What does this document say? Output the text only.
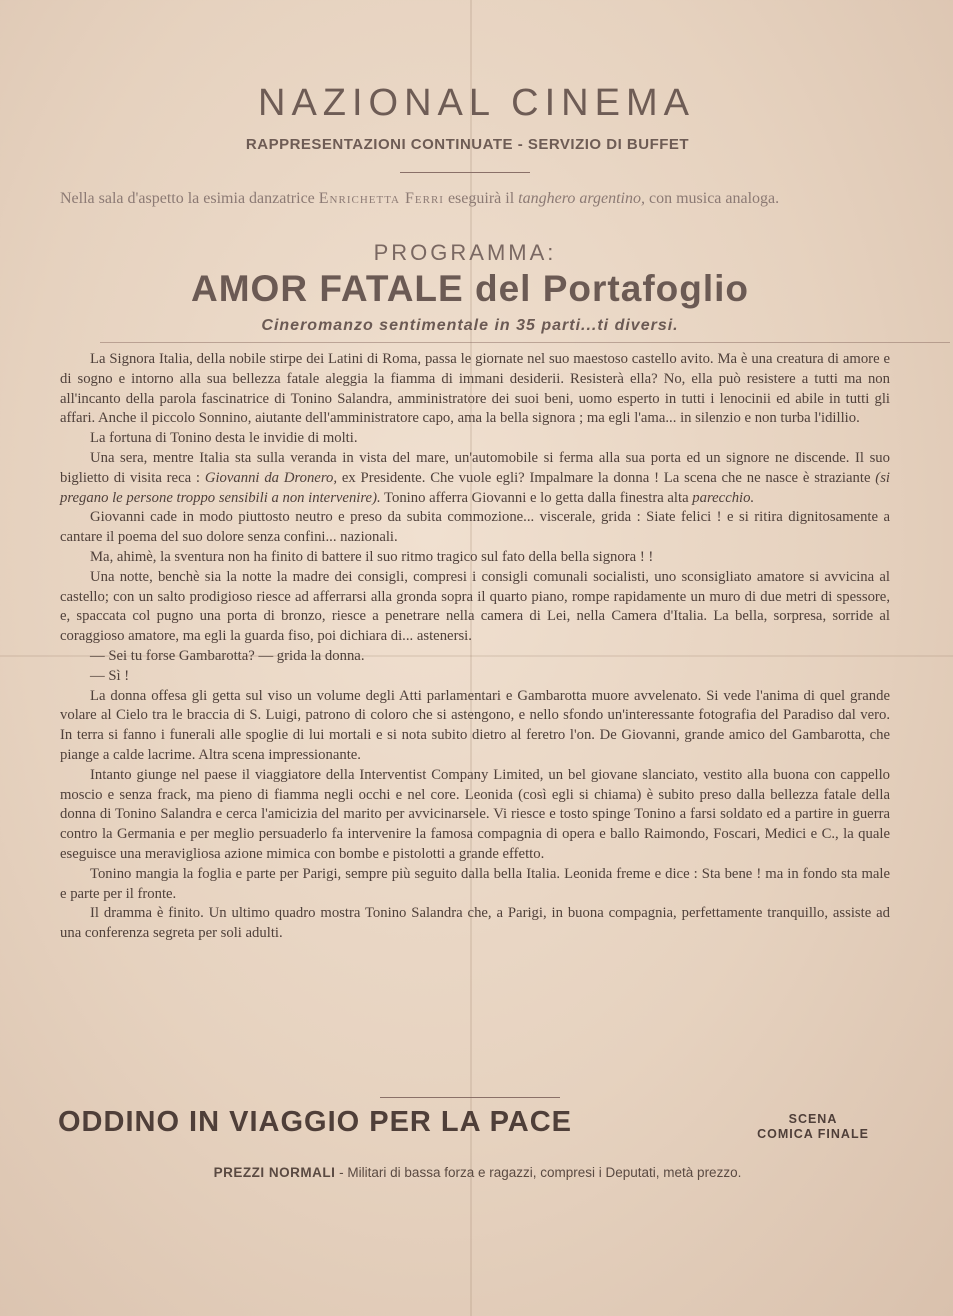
NAZIONAL CINEMA
RAPPRESENTAZIONI CONTINUATE - SERVIZIO DI BUFFET
Nella sala d'aspetto la esimia danzatrice Enrichetta Ferri eseguirà il tanghero argentino, con musica analoga.
PROGRAMMA:
AMOR FATALE del Portafoglio
Cineromanzo sentimentale in 35 parti...ti diversi.

La Signora Italia, della nobile stirpe dei Latini di Roma, passa le giornate nel suo maestoso castello avito. Ma è una creatura di amore e di sogno e intorno alla sua bellezza fatale aleggia la fiamma di immani desiderii. Resisterà ella? No, ella può resistere a tutti ma non all'incanto della parola fascinatrice di Tonino Salandra, amministratore dei suoi beni, uomo esperto in tutti i lenocinii ed abile in tutti gli affari. Anche il piccolo Sonnino, aiutante dell'amministratore capo, ama la bella signora ; ma egli l'ama... in silenzio e non turba l'idillio.

La fortuna di Tonino desta le invidie di molti.

Una sera, mentre Italia sta sulla veranda in vista del mare, un'automobile si ferma alla sua porta ed un signore ne discende. Il suo biglietto di visita reca : Giovanni da Dronero, ex Presidente. Che vuole egli? Impalmare la donna ! La scena che ne nasce è straziante (si pregano le persone troppo sensibili a non intervenire). Tonino afferra Giovanni e lo getta dalla finestra alta parecchio.

Giovanni cade in modo piuttosto neutro e preso da subita commozione... viscerale, grida : Siate felici ! e si ritira dignitosamente a cantare il poema del suo dolore senza confini... nazionali.

Ma, ahimè, la sventura non ha finito di battere il suo ritmo tragico sul fato della bella signora ! !

Una notte, benchè sia la notte la madre dei consigli, compresi i consigli comunali socialisti, uno sconsigliato amatore si avvicina al castello; con un salto prodigioso riesce ad afferrarsi alla gronda sopra il quarto piano, rompe rapidamente un muro di due metri di spessore, e, spaccata col pugno una porta di bronzo, riesce a penetrare nella camera di Lei, nella Camera d'Italia. La bella, sorpresa, sorride al coraggioso amatore, ma egli la guarda fiso, poi dichiara di... astenersi.

— Sei tu forse Gambarotta? — grida la donna.

— Sì !

La donna offesa gli getta sul viso un volume degli Atti parlamentari e Gambarotta muore avvelenato. Si vede l'anima di quel grande volare al Cielo tra le braccia di S. Luigi, patrono di coloro che si astengono, e nello sfondo un'interessante fotografia del Paradiso dal vero. In terra si fanno i funerali alle spoglie di lui mortali e si nota subito dietro al feretro l'on. De Giovanni, grande amico del Gambarotta, che piange a calde lacrime. Altra scena impressionante.

Intanto giunge nel paese il viaggiatore della Interventist Company Limited, un bel giovane slanciato, vestito alla buona con cappello moscio e senza frack, ma pieno di fiamma negli occhi e nel core. Leonida (così egli si chiama) è subito preso dalla bellezza fatale della donna di Tonino Salandra e cerca l'amicizia del marito per avvicinarsele. Vi riesce e tosto spinge Tonino a farsi soldato ed a partire in guerra contro la Germania e per meglio persuaderlo fa intervenire la famosa compagnia di opera e ballo Raimondo, Foscari, Medici e C., la quale eseguisce una meravigliosa azione mimica con bombe e pistolotti a grande effetto.

Tonino mangia la foglia e parte per Parigi, sempre più seguito dalla bella Italia. Leonida freme e dice : Sta bene ! ma in fondo sta male e parte per il fronte.

Il dramma è finito. Un ultimo quadro mostra Tonino Salandra che, a Parigi, in buona compagnia, perfettamente tranquillo, assiste ad una conferenza segreta per soli adulti.

ODDINO IN VIAGGIO PER LA PACE	SCENA
COMICA FINALE
PREZZI NORMALI - Militari di bassa forza e ragazzi, compresi i Deputati, metà prezzo.
